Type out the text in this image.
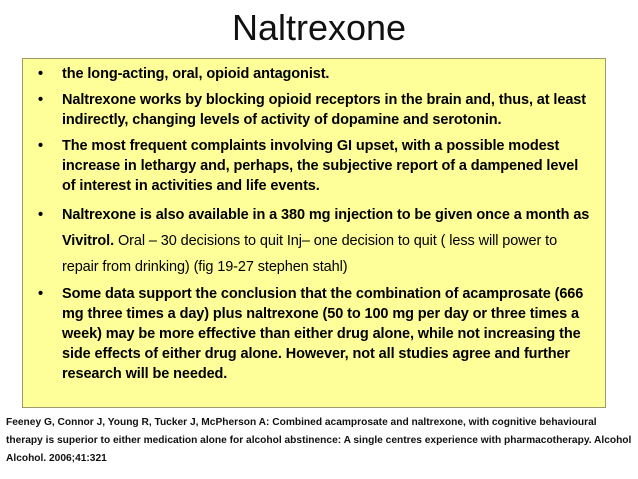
Naltrexone
• the long-acting, oral, opioid antagonist.
• Naltrexone works by blocking opioid receptors in the brain and, thus, at least indirectly, changing levels of activity of dopamine and serotonin.
• The most frequent complaints involving GI upset, with a possible modest increase in lethargy and, perhaps, the subjective report of a dampened level of interest in activities and life events.
• Naltrexone is also available in a 380 mg injection to be given once a month as Vivitrol. Oral – 30 decisions to quit Inj– one decision to quit ( less will power to repair from drinking) (fig 19-27 stephen stahl)
• Some data support the conclusion that the combination of acamprosate (666 mg three times a day) plus naltrexone (50 to 100 mg per day or three times a week) may be more effective than either drug alone, while not increasing the side effects of either drug alone. However, not all studies agree and further research will be needed.
Feeney G, Connor J, Young R, Tucker J, McPherson A: Combined acamprosate and naltrexone, with cognitive behavioural therapy is superior to either medication alone for alcohol abstinence: A single centres experience with pharmacotherapy. Alcohol Alcohol. 2006;41:321
